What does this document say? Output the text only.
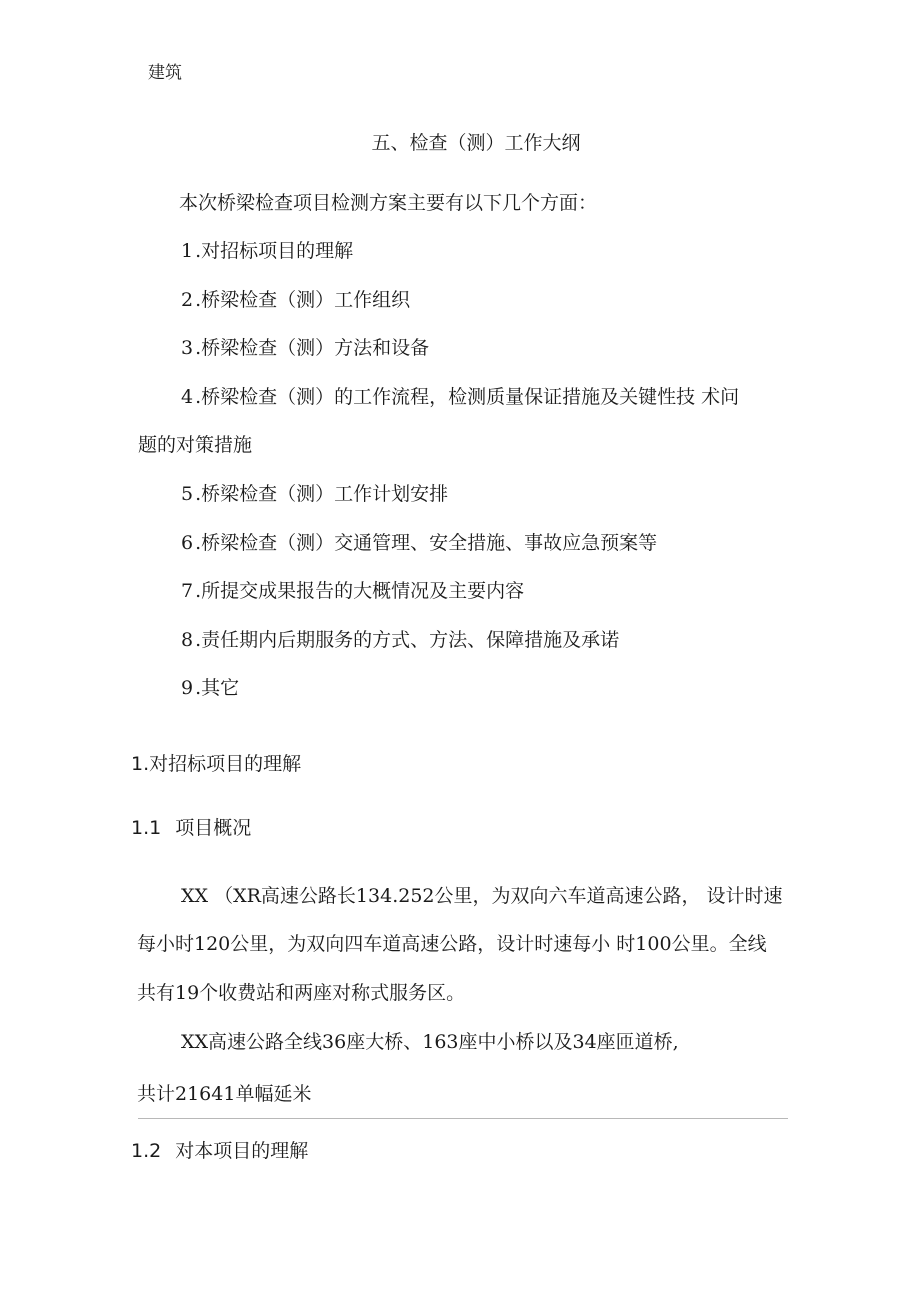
建筑
五、检查（测）工作大纲
本次桥梁检查项目检测方案主要有以下几个方面：
1 .对招标项目的理解
2 .桥梁检查（测）工作组织
3 .桥梁检查（测）方法和设备
4 .桥梁检查（测）的工作流程，检测质量保证措施及关键性技 术问
题的对策措施
5 .桥梁检查（测）工作计划安排
6 .桥梁检查（测）交通管理、安全措施、事故应急预案等
7 .所提交成果报告的大概情况及主要内容
8 .责任期内后期服务的方式、方法、保障措施及承诺
9 .其它
1.对招标项目的理解
1.1 项目概况
XX （XR高速公路长134.252公里，为双向六车道高速公路， 设计时速
每小时120公里，为双向四车道高速公路，设计时速每小 时100公里。全线
共有19个收费站和两座对称式服务区。
XX高速公路全线36座大桥、163座中小桥以及34座匝道桥,
共计21641单幅延米
1.2 对本项目的理解
